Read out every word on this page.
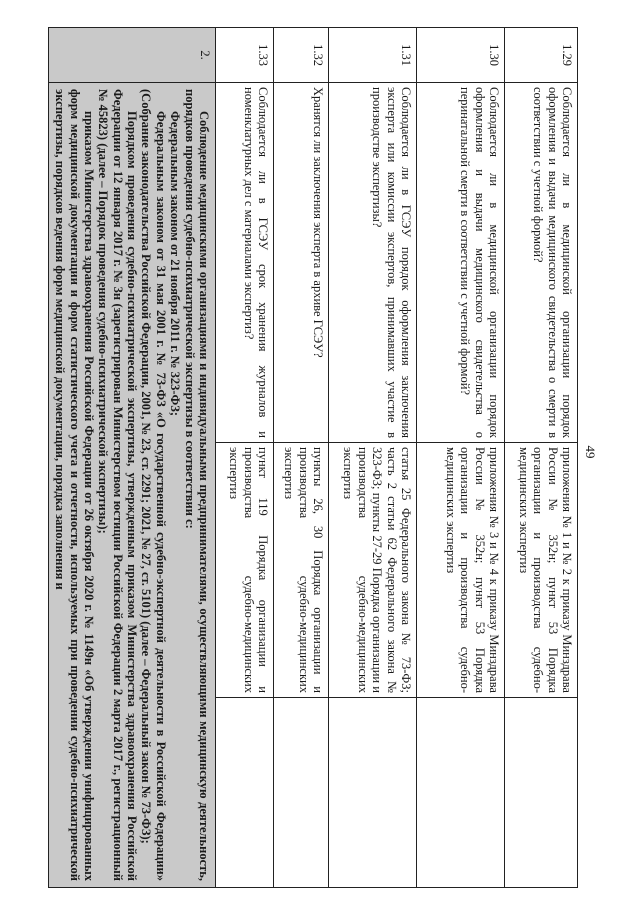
49
1.29	Соблюдается ли в медицинской организации порядок оформления и выдачи медицинского свидетельства о смерти в соответствии с учетной формой?	приложения № 1 и № 2 к приказу Минздрава России № 352н; пункт 53 Порядка организации и производства судебно-медицинских экспертиз	
1.30	Соблюдается ли в медицинской организации порядок оформления и выдачи медицинского свидетельства о перинатальной смерти в соответствии с учетной формой?	приложения № 3 и № 4 к приказу Минздрава России № 352н; пункт 53 Порядка организации и производства судебно-медицинских экспертиз	
1.31	Соблюдается ли в ГСЭУ порядок оформления заключения эксперта или комиссии экспертов, принимавших участие в производстве экспертизы?	статья 25 Федерального закона № 73-ФЗ; часть 2 статьи 62 Федерального закона № 323-ФЗ; пункты 27-29 Порядка организации и производства судебно-медицинских экспертиз	
1.32	Хранятся ли заключения эксперта в архиве ГСЭУ?	пункты 26, 30 Порядка организации и производства судебно-медицинских экспертиз	
1.33	Соблюдается ли в ГСЭУ срок хранения журналов и номенклатурных дел с материалами экспертиз?	пункт 119 Порядка организации и производства судебно-медицинских экспертиз	
2.	Соблюдение медицинскими организациями и индивидуальными предпринимателями, осуществляющими медицинскую деятельность, порядков проведения судебно-психиатрической экспертизы в соответствии с:

Федеральным законом от 21 ноября 2011 г. № 323-ФЗ;

Федеральным законом от 31 мая 2001 г. № 73-ФЗ «О государственной судебно-экспертной деятельности в Российской Федерации» (Собрание законодательства Российской Федерации, 2001, № 23, ст. 2291; 2021, № 27, ст. 5101) (далее – Федеральный закон № 73-ФЗ);

Порядком проведения судебно-психиатрической экспертизы, утвержденным приказом Министерства здравоохранения Российской Федерации от 12 января 2017 г. № 3н (зарегистрирован Министерством юстиции Российской Федерации 2 марта 2017 г., регистрационный № 45823) (далее – Порядок проведения судебно-психиатрической экспертизы);

приказом Министерства здравоохранения Российской Федерации от 26 октября 2020 г. № 1149н «Об утверждении унифицированных форм медицинской документации и форм статистического учета и отчетности, используемых при проведении судебно-психиатрической экспертизы, порядков ведения форм медицинской документации, порядка заполнения и		
